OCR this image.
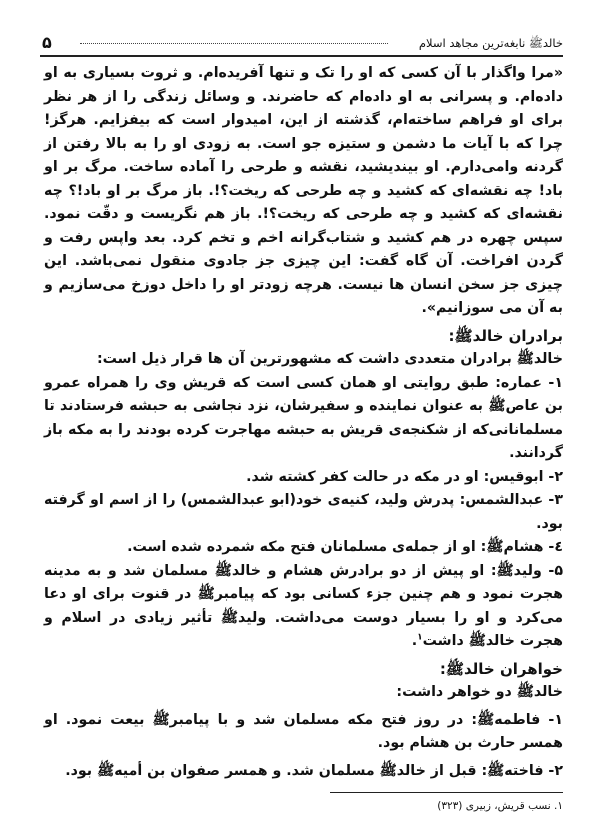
خالدﷺ نابغه‌ترین مجاهد اسلام
۵

«مرا واگذار با آن کسی که او را تک و تنها آفریده‌ام. و ثروت بسیاری به او داده‌ام. و پسرانی به او داده‌ام که حاضرند. و وسائل زندگی را از هر نظر برای او فراهم ساخته‌ام، گذشته از این، امیدوار است که بیفزایم. هرگز! چرا که با آیات ما دشمن و ستیزه جو است. به زودی او را به بالا رفتن از گردنه وامی‌دارم. او بیندیشید، نقشه و طرحی را آماده ساخت. مرگ بر او باد! چه نقشه‌ای که کشید و چه طرحی که ریخت؟!. باز مرگ بر او باد!؟ چه نقشه‌ای که کشید و چه طرحی که ریخت؟!. باز هم نگریست و دقّت نمود. سپس چهره در هم کشید و شتاب‌گرانه اخم و تخم کرد. بعد واپس رفت و گردن افراخت. آن گاه گفت: این چیزی جز جادوی منقول نمی‌باشد. این چیزی جز سخن انسان ها نیست. هرچه زودتر او را داخل دوزخ می‌سازیم و به آن می سوزانیم».

برادران خالدﷺ:

خالدﷺ برادران متعددی داشت که مشهورترین آن ها قرار ذیل است:

۱- عماره: طبق روایتی او همان کسی است که قریش وی را همراه عمرو بن عاصﷺ به عنوان نماینده و سفیرشان، نزد نجاشی به حبشه فرستادند تا مسلمانانی‌که از شکنجه‌ی قریش به حبشه مهاجرت کرده بودند را به مکه باز گردانند.

۲- ابوقیس: او در مکه در حالت کفر کشته شد.

۳- عبدالشمس: پدرش ولید، کنیه‌ی خود(ابو عبدالشمس) را از اسم او گرفته بود.

٤- هشامﷺ: او از جمله‌ی مسلمانان فتح مکه شمرده شده است.

۵- ولیدﷺ: او پیش از دو برادرش هشام و خالدﷺ مسلمان شد و به مدینه هجرت نمود و هم چنین جزء کسانی بود که پیامبرﷺ در قنوت برای او دعا می‌کرد و او را بسیار دوست می‌داشت. ولیدﷺ تأثیر زیادی در اسلام و هجرت خالدﷺ داشت$^١$.

خواهران خالدﷺ:

خالدﷺ دو خواهر داشت:

۱- فاطمهﷺ: در روز فتح مکه مسلمان شد و با پیامبرﷺ بیعت نمود. او همسر حارث بن هشام بود.

۲- فاختهﷺ: قبل از خالدﷺ مسلمان شد. و همسر صفوان بن أمیهﷺ بود.

١. نسب قریش، زبیری (٣٢٣)
